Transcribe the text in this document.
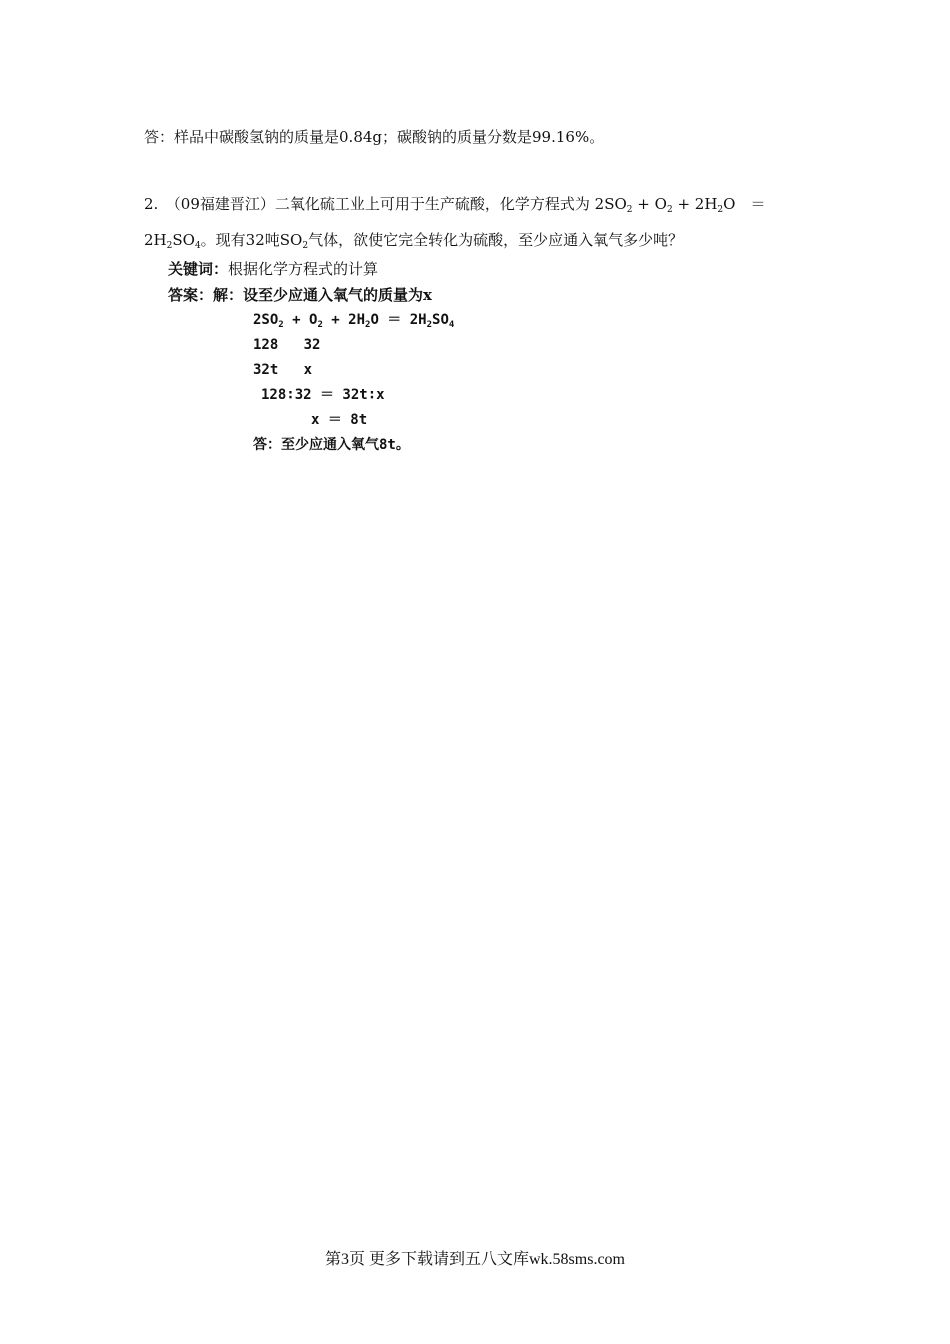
答：样品中碳酸氢钠的质量是0.84g；碳酸钠的质量分数是99.16%。
2.　（09福建晋江）二氧化硫工业上可用于生产硫酸，化学方程式为 $2SO_2 + O_2 + 2H_2O$　＝
$2H_2SO_4$。现有32吨$SO_2$气体，欲使它完全转化为硫酸，至少应通入氧气多少吨？
关键词：根据化学方程式的计算
答案：解：设至少应通入氧气的质量为x
$2SO_2 + O_2 + 2H_2O = 2H_2SO_4$
128   32
32t   x
128∶32 ＝ 32t∶x
x ＝ 8t
答：至少应通入氧气8t。
第3页 更多下载请到五八文库wk.58sms.com
